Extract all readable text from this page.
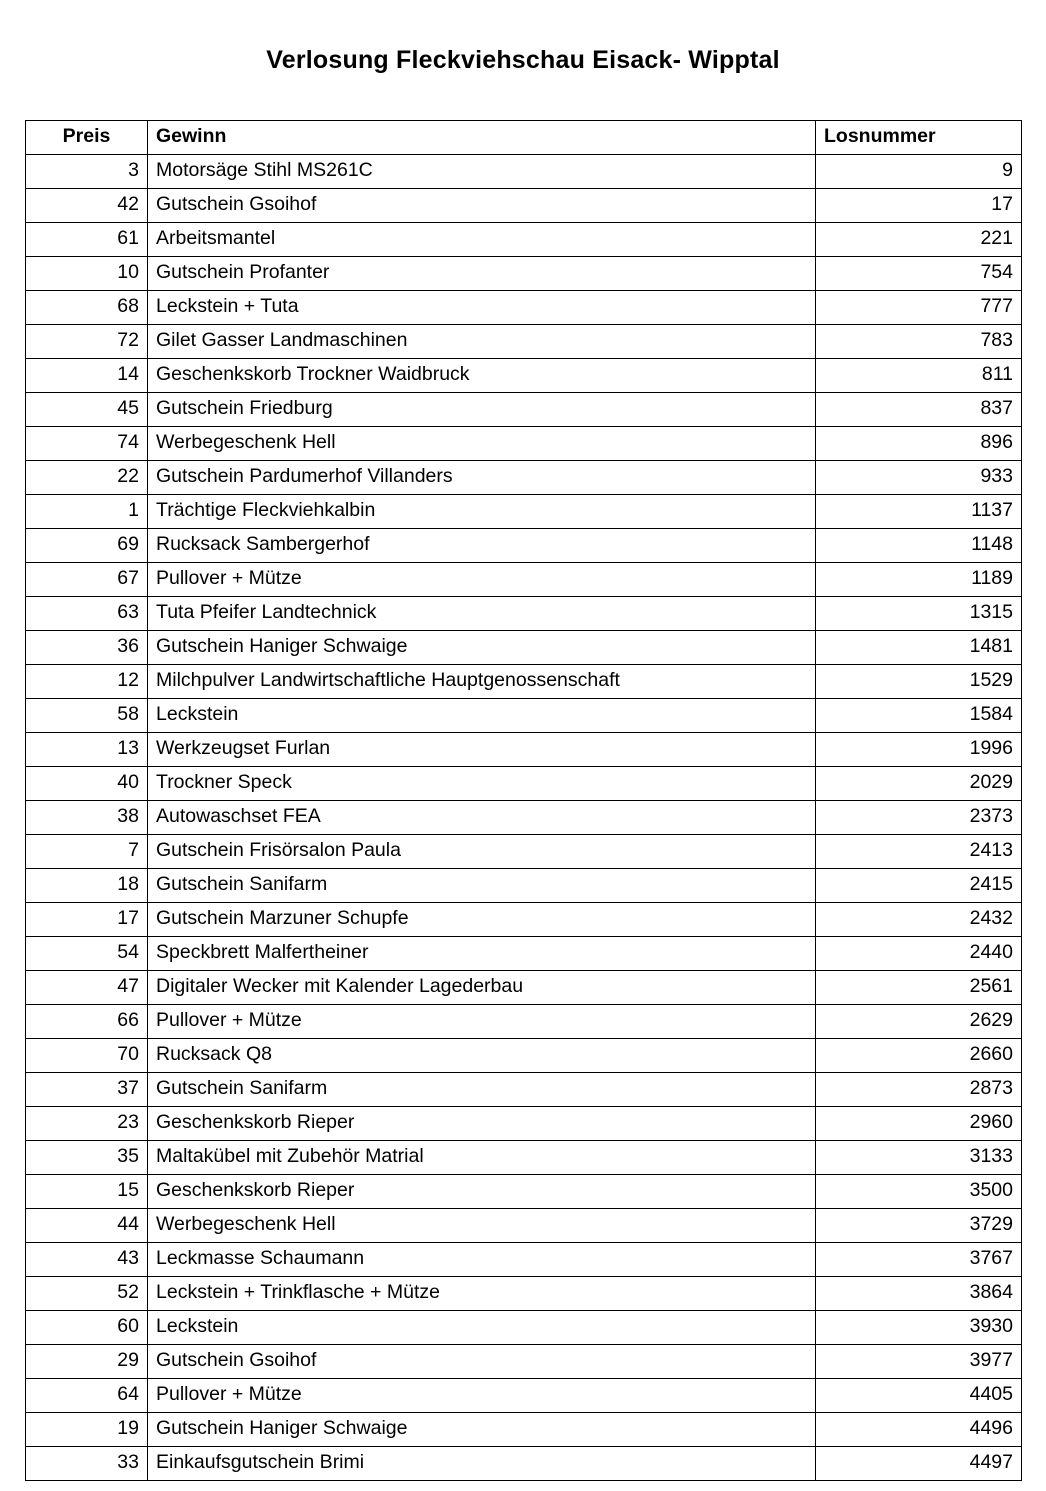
Verlosung Fleckviehschau Eisack- Wipptal
Preis	Gewinn	Losnummer
3	Motorsäge Stihl MS261C	9
42	Gutschein Gsoihof	17
61	Arbeitsmantel	221
10	Gutschein Profanter	754
68	Leckstein + Tuta	777
72	Gilet Gasser Landmaschinen	783
14	Geschenkskorb Trockner Waidbruck	811
45	Gutschein Friedburg	837
74	Werbegeschenk Hell	896
22	Gutschein Pardumerhof Villanders	933
1	Trächtige Fleckviehkalbin	1137
69	Rucksack Sambergerhof	1148
67	Pullover + Mütze	1189
63	Tuta Pfeifer Landtechnick	1315
36	Gutschein Haniger Schwaige	1481
12	Milchpulver Landwirtschaftliche Hauptgenossenschaft	1529
58	Leckstein	1584
13	Werkzeugset Furlan	1996
40	Trockner Speck	2029
38	Autowaschset FEA	2373
7	Gutschein Frisörsalon Paula	2413
18	Gutschein Sanifarm	2415
17	Gutschein Marzuner Schupfe	2432
54	Speckbrett Malfertheiner	2440
47	Digitaler Wecker mit Kalender Lagederbau	2561
66	Pullover + Mütze	2629
70	Rucksack Q8	2660
37	Gutschein Sanifarm	2873
23	Geschenkskorb Rieper	2960
35	Maltakübel mit Zubehör Matrial	3133
15	Geschenkskorb Rieper	3500
44	Werbegeschenk Hell	3729
43	Leckmasse Schaumann	3767
52	Leckstein + Trinkflasche + Mütze	3864
60	Leckstein	3930
29	Gutschein Gsoihof	3977
64	Pullover + Mütze	4405
19	Gutschein Haniger Schwaige	4496
33	Einkaufsgutschein Brimi	4497
